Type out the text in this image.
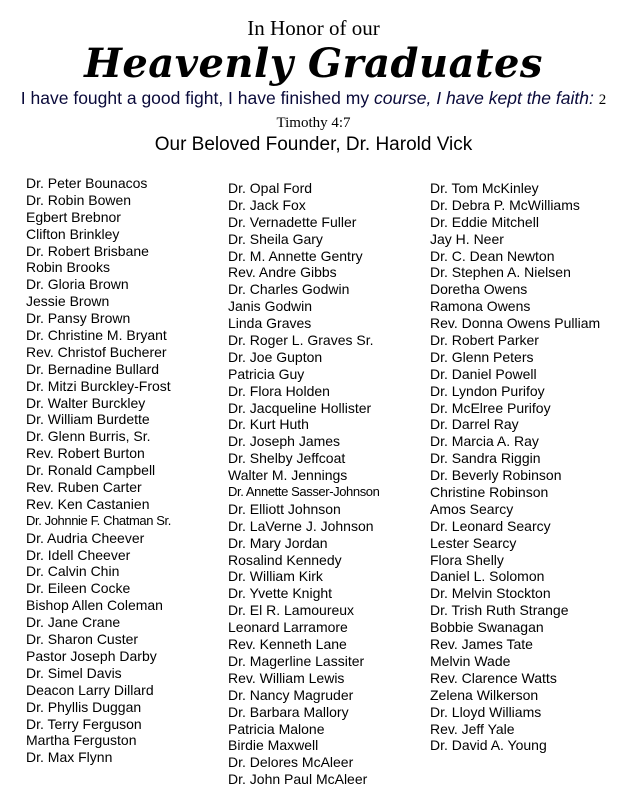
In Honor of our
Heavenly Graduates
I have fought a good fight, I have finished my course, I have kept the faith: 2 Timothy 4:7
Our Beloved Founder, Dr. Harold Vick
Dr. Peter Bounacos
Dr. Robin Bowen
Egbert Brebnor
Clifton Brinkley
Dr. Robert Brisbane
Robin Brooks
Dr. Gloria Brown
Jessie Brown
Dr. Pansy Brown
Dr. Christine M. Bryant
Rev. Christof Bucherer
Dr. Bernadine Bullard
Dr. Mitzi Burckley-Frost
Dr. Walter Burckley
Dr. William Burdette
Dr. Glenn Burris, Sr.
Rev. Robert Burton
Dr. Ronald Campbell
Rev. Ruben Carter
Rev. Ken Castanien
Dr. Johnnie F. Chatman Sr.
Dr. Audria Cheever
Dr. Idell Cheever
Dr. Calvin Chin
Dr. Eileen Cocke
Bishop Allen Coleman
Dr. Jane Crane
Dr. Sharon Custer
Pastor Joseph Darby
Dr. Simel Davis
Deacon Larry Dillard
Dr. Phyllis Duggan
Dr. Terry Ferguson
Martha Ferguston
Dr. Max Flynn
Dr. Opal Ford
Dr. Jack Fox
Dr. Vernadette Fuller
Dr. Sheila Gary
Dr. M. Annette Gentry
Rev. Andre Gibbs
Dr. Charles Godwin
Janis Godwin
Linda Graves
Dr. Roger L. Graves Sr.
Dr. Joe Gupton
Patricia Guy
Dr. Flora Holden
Dr. Jacqueline Hollister
Dr. Kurt Huth
Dr. Joseph James
Dr. Shelby Jeffcoat
Walter M. Jennings
Dr. Annette Sasser-Johnson
Dr. Elliott Johnson
Dr. LaVerne J. Johnson
Dr. Mary Jordan
Rosalind Kennedy
Dr. William Kirk
Dr. Yvette Knight
Dr. El R. Lamoureux
Leonard Larramore
Rev. Kenneth Lane
Dr. Magerline Lassiter
Rev. William Lewis
Dr. Nancy Magruder
Dr. Barbara Mallory
Patricia Malone
Birdie Maxwell
Dr. Delores McAleer
Dr. John Paul McAleer
Dr. Tom McKinley
Dr. Debra P. McWilliams
Dr. Eddie Mitchell
Jay H. Neer
Dr. C. Dean Newton
Dr. Stephen A. Nielsen
Doretha Owens
Ramona Owens
Rev. Donna Owens Pulliam
Dr. Robert Parker
Dr. Glenn Peters
Dr. Daniel Powell
Dr. Lyndon Purifoy
Dr. McElree Purifoy
Dr. Darrel Ray
Dr. Marcia A. Ray
Dr. Sandra Riggin
Dr. Beverly Robinson
Christine Robinson
Amos Searcy
Dr. Leonard Searcy
Lester Searcy
Flora Shelly
Daniel L. Solomon
Dr. Melvin Stockton
Dr. Trish Ruth Strange
Bobbie Swanagan
Rev. James Tate
Melvin Wade
Rev. Clarence Watts
Zelena Wilkerson
Dr. Lloyd Williams
Rev. Jeff Yale
Dr. David A. Young
